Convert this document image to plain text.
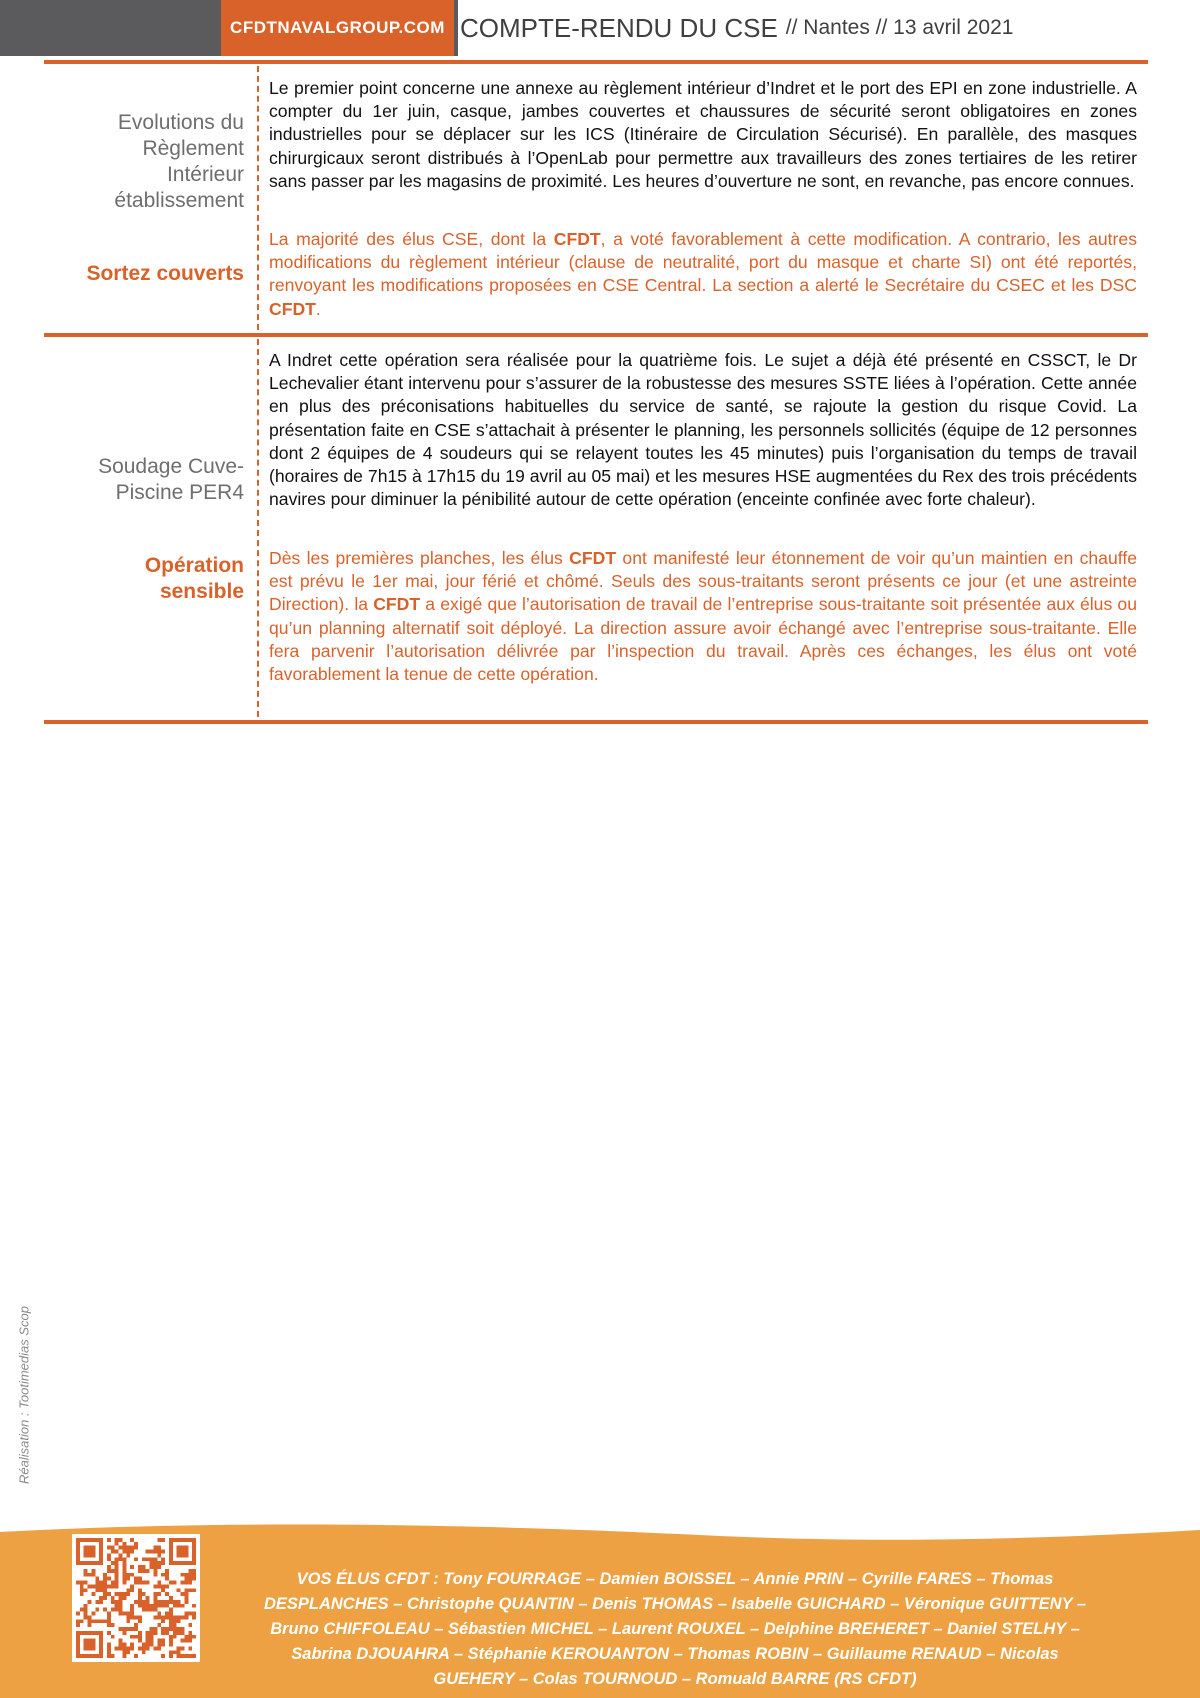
CFDTNAVALGROUP.COM COMPTE-RENDU DU CSE // Nantes // 13 avril 2021
Evolutions du
Règlement
Intérieur
établissement
Sortez couverts

Le premier point concerne une annexe au règlement intérieur d’Indret et le port des EPI en zone industrielle. A compter du 1er juin, casque, jambes couvertes et chaussures de sécurité seront obligatoires en zones industrielles pour se déplacer sur les ICS (Itinéraire de Circulation Sécurisé). En parallèle, des masques chirurgicaux seront distribués à l’OpenLab pour permettre aux travailleurs des zones tertiaires de les retirer sans passer par les magasins de proximité. Les heures d’ouverture ne sont, en revanche, pas encore connues.

La majorité des élus CSE, dont la CFDT, a voté favorablement à cette modification. A contrario, les autres modifications du règlement intérieur (clause de neutralité, port du masque et charte SI) ont été reportés, renvoyant les modifications proposées en CSE Central. La section a alerté le Secrétaire du CSEC et les DSC CFDT.

Soudage Cuve-
Piscine PER4
Opération
sensible

A Indret cette opération sera réalisée pour la quatrième fois. Le sujet a déjà été présenté en CSSCT, le Dr Lechevalier étant intervenu pour s’assurer de la robustesse des mesures SSTE liées à l’opération. Cette année en plus des préconisations habituelles du service de santé, se rajoute la gestion du risque Covid. La présentation faite en CSE s’attachait à présenter le planning, les personnels sollicités (équipe de 12 personnes dont 2 équipes de 4 soudeurs qui se relayent toutes les 45 minutes) puis l’organisation du temps de travail (horaires de 7h15 à 17h15 du 19 avril au 05 mai) et les mesures HSE augmentées du Rex des trois précédents navires pour diminuer la pénibilité autour de cette opération (enceinte confinée avec forte chaleur).

Dès les premières planches, les élus CFDT ont manifesté leur étonnement de voir qu’un maintien en chauffe est prévu le 1er mai, jour férié et chômé. Seuls des sous-traitants seront présents ce jour (et une astreinte Direction). la CFDT a exigé que l’autorisation de travail de l’entreprise sous-traitante soit présentée aux élus ou qu’un planning alternatif soit déployé. La direction assure avoir échangé avec l’entreprise sous-traitante. Elle fera parvenir l’autorisation délivrée par l’inspection du travail. Après ces échanges, les élus ont voté favorablement la tenue de cette opération.

Réalisation : Tootimedias Scop
VOS ÉLUS CFDT : Tony FOURRAGE – Damien BOISSEL – Annie PRIN – Cyrille FARES – Thomas
DESPLANCHES – Christophe QUANTIN – Denis THOMAS – Isabelle GUICHARD – Véronique GUITTENY –
Bruno CHIFFOLEAU – Sébastien MICHEL – Laurent ROUXEL – Delphine BREHERET – Daniel STELHY –
Sabrina DJOUAHRA – Stéphanie KEROUANTON – Thomas ROBIN – Guillaume RENAUD – Nicolas
GUEHERY – Colas TOURNOUD – Romuald BARRE (RS CFDT)
